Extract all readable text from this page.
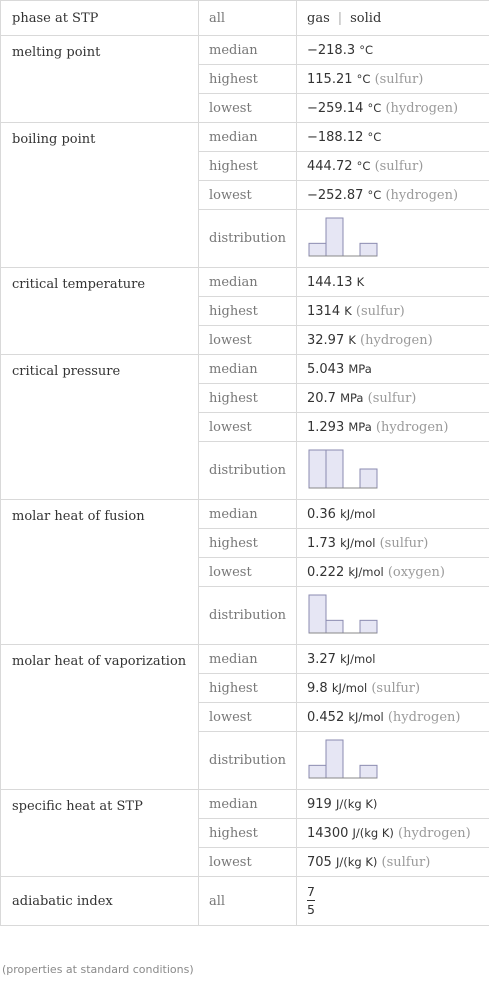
phase at STP	all	gas | solid
melting point	median	−218.3 °C
	highest	115.21 °C (sulfur)
	lowest	−259.14 °C (hydrogen)
boiling point	median	−188.12 °C
	highest	444.72 °C (sulfur)
	lowest	−252.87 °C (hydrogen)
	distribution	
critical temperature	median	144.13 K
	highest	1314 K (sulfur)
	lowest	32.97 K (hydrogen)
critical pressure	median	5.043 MPa
	highest	20.7 MPa (sulfur)
	lowest	1.293 MPa (hydrogen)
	distribution	
molar heat of fusion	median	0.36 kJ/mol
	highest	1.73 kJ/mol (sulfur)
	lowest	0.222 kJ/mol (oxygen)
	distribution	
molar heat of vaporization	median	3.27 kJ/mol
	highest	9.8 kJ/mol (sulfur)
	lowest	0.452 kJ/mol (hydrogen)
	distribution	
specific heat at STP	median	919 J/(kg K)
	highest	14300 J/(kg K) (hydrogen)
	lowest	705 J/(kg K) (sulfur)
adiabatic index	all	$\frac{7}{5}$
(properties at standard conditions)
